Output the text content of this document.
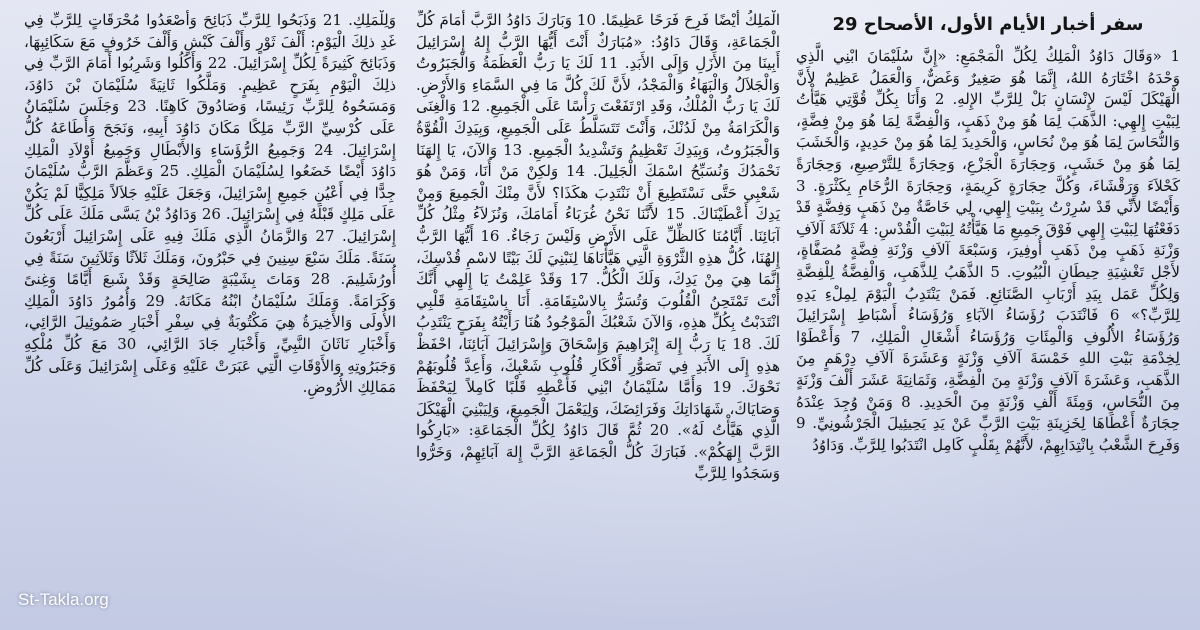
سفر أخبار الأيام الأول، الأصحاح 29
1 «وَقَالَ دَاوُدُ الْمَلِكُ لِكُلِّ الْمَجْمَعِ: «إِنَّ سُلَيْمَانَ ابْنِي الَّذِي وَحْدَهُ اخْتَارَهُ اللهُ، إِنَّمَا هُوَ صَغِيرٌ وَغَضٌّ، وَالْعَمَلُ عَظِيمٌ لأَنَّ الْهَيْكَلَ لَيْسَ لإِنْسَانٍ بَلْ لِلرَّبِّ الإِلهِ. 2 وَأَنَا بِكُلِّ قُوَّتِي هَيَّأْتُ لِبَيْتِ إِلهِي: الذَّهَبَ لِمَا هُوَ مِنْ ذَهَبٍ، وَالْفِضَّةَ لِمَا هُوَ مِنْ فِضَّةٍ، وَالنُّحَاسَ لِمَا هُوَ مِنْ نُحَاسٍ، وَالْحَدِيدَ لِمَا هُوَ مِنْ حَدِيدٍ، وَالْخَشَبَ لِمَا هُوَ مِنْ خَشَبٍ، وَحِجَارَةَ الْجَزْعِ، وَحِجَارَةً لِلتَّرْصِيعِ، وَحِجَارَةً كَحْلاَءَ وَرَقْشَاءَ، وَكُلَّ حِجَارَةٍ كَرِيمَةٍ، وَحِجَارَةَ الرُّخَامِ بِكَثْرَةٍ. 3 وَأَيْضًا لأَنِّي قَدْ سُرِرْتُ بِبَيْتِ إِلهِي، لِي خَاصَّةٌ مِنْ ذَهَبٍ وَفِضَّةٍ قَدْ دَفَعْتُهَا لِبَيْتِ إِلهِي فَوْقَ جَمِيعِ مَا هَيَّأْتُهُ لِبَيْتِ الْقُدْسِ: 4 ثَلاَثَةَ آلاَفِ وَزْنَةِ ذَهَبٍ مِنْ ذَهَبِ أُوفِيرَ، وَسَبْعَةَ آلاَفِ وَزْنَةِ فِضَّةٍ مُصَفَّاةٍ، لأَجْلِ تَغْشِيَةِ حِيطَانِ الْبُيُوتِ. 5 الذَّهَبُ لِلذَّهَبِ، وَالْفِضَّةُ لِلْفِضَّةِ وَلِكُلِّ عَمَل بِيَدِ أَرْبَابِ الصَّنَائِعِ. فَمَنْ يَنْتَدِبُ الْيَوْمَ لِمِلْءِ يَدِهِ لِلرَّبِّ؟» 6 فَانْتَدَبَ رُؤَسَاءُ الآبَاءِ وَرُؤَسَاءُ أَسْبَاطِ إِسْرَائِيلَ وَرُؤَسَاءُ الأُلُوفِ وَالْمِئَاتِ وَرُؤَسَاءُ أَشْغَالِ الْمَلِكِ، 7 وَأَعْطَوْا لِخِدْمَةِ بَيْتِ اللهِ خَمْسَةَ آلاَفِ وَزْنَةٍ وَعَشَرَةَ آلاَفِ دِرْهَمٍ مِنَ الذَّهَبِ، وَعَشَرَةَ آلاَفِ وَزْنَةٍ مِنَ الْفِضَّةِ، وَثَمَانِيَةَ عَشَرَ أَلْفَ وَزْنَةٍ مِنَ النُّحَاسِ، وَمِئَةَ أَلْفِ وَزْنَةٍ مِنَ الْحَدِيدِ. 8 وَمَنْ وُجِدَ عِنْدَهُ حِجَارَةٌ أَعْطَاهَا لِخَزِينَةِ بَيْتِ الرَّبِّ عَنْ يَدِ يَحِيئِيلَ الْجَرْشُونِيِّ. 9 وَفَرِحَ الشَّعْبُ بِانْتِدَابِهِمْ، لأَنَّهُمْ بِقَلْبٍ كَامِل انْتَدَبُوا لِلرَّبِّ. وَدَاوُدُ
الْمَلِكُ أَيْضًا فَرِحَ فَرَحًا عَظِيمًا. 10 وَبَارَكَ دَاوُدُ الرَّبَّ أَمَامَ كُلِّ الْجَمَاعَةِ، وَقَالَ دَاوُدُ: «مُبَارَكٌ أَنْتَ أَيُّهَا الرَّبُّ إِلهُ إِسْرَائِيلَ أَبِينَا مِنَ الأَزَلِ وَإِلَى الأَبَدِ. 11 لَكَ يَا رَبُّ الْعَظَمَةُ وَالْجَبَرُوتُ وَالْجَلاَلُ وَالْبَهَاءُ وَالْمَجْدُ، لأَنَّ لَكَ كُلَّ مَا فِي السَّمَاءِ وَالأَرْضِ. لَكَ يَا رَبُّ الْمُلْكُ، وَقَدِ ارْتَفَعْتَ رَأْسًا عَلَى الْجَمِيعِ. 12 وَالْغِنَى وَالْكَرَامَةُ مِنْ لَدُنْكَ، وَأَنْتَ تَتَسَلَّطُ عَلَى الْجَمِيعِ، وَبِيَدِكَ الْقُوَّةُ وَالْجَبَرُوتُ، وَبِيَدِكَ تَعْظِيمُ وَتَشْدِيدُ الْجَمِيعِ. 13 وَالآنَ، يَا إِلهَنَا نَحْمَدُكَ وَنُسَبِّحُ اسْمَكَ الْجَلِيلَ. 14 وَلكِنْ مَنْ أَنَا، وَمَنْ هُوَ شَعْبِي حَتَّى نَسْتَطِيعَ أَنْ نَنْتَدِبَ هكَذَا؟ لأَنَّ مِنْكَ الْجَمِيعَ وَمِنْ يَدِكَ أَعْطَيْنَاكَ. 15 لأَنَّنَا نَحْنُ غُرَبَاءُ أَمَامَكَ، وَنُزَلاَءُ مِثْلُ كُلِّ آبَائِنَا. أَيَّامُنَا كَالظِّلِّ عَلَى الأَرْضِ وَلَيْسَ رَجَاءٌ. 16 أَيُّهَا الرَّبُّ إِلهُنَا، كُلُّ هذِهِ الثَّرْوَةِ الَّتِي هَيَّأْنَاهَا لِنَبْنِيَ لَكَ بَيْتًا لاسْمِ قُدْسِكَ، إِنَّمَا هِيَ مِنْ يَدِكَ، وَلَكَ الْكُلُّ. 17 وَقَدْ عَلِمْتُ يَا إِلهِي أَنَّكَ أَنْتَ تَمْتَحِنُ الْقُلُوبَ وَتُسَرُّ بِالاسْتِقَامَةِ. أَنَا بِاسْتِقَامَةِ قَلْبِي انْتَدَبْتُ بِكُلِّ هذِهِ، وَالآنَ شَعْبُكَ الْمَوْجُودُ هُنَا رَأَيْتُهُ بِفَرَحٍ يَنْتَدِبُ لَكَ. 18 يَا رَبُّ إِلهَ إِبْرَاهِيمَ وَإِسْحَاقَ وَإِسْرَائِيلَ آبَائِنَا، احْفَظْ هذِهِ إِلَى الأَبَدِ فِي تَصَوُّرِ أَفْكَارِ قُلُوبِ شَعْبِكَ، وَأَعِدَّ قُلُوبَهُمْ نَحْوَكَ. 19 وَأَمَّا سُلَيْمَانُ ابْنِي فَأَعْطِهِ قَلْبًا كَامِلاً لِيَحْفَظَ وَصَايَاكَ، شَهَادَاتِكَ وَفَرَائِضَكَ، وَلِيَعْمَلَ الْجَمِيعَ، وَلِيَبْنِيَ الْهَيْكَلَ الَّذِي هَيَّأْتُ لَهُ». 20 ثُمَّ قَالَ دَاوُدُ لِكُلِّ الْجَمَاعَةِ: «بَارِكُوا الرَّبَّ إِلهَكُمْ». فَبَارَكَ كُلُّ الْجَمَاعَةِ الرَّبَّ إِلهَ آبَائِهِمْ، وَخَرُّوا وَسَجَدُوا لِلرَّبِّ
وَلِلْمَلِكِ. 21 وَذَبَحُوا لِلرَّبِّ ذَبَائِحَ وَأَصْعَدُوا مُحْرَقَاتٍ لِلرَّبِّ فِي غَدِ ذلِكَ الْيَوْمِ: أَلْفَ ثَوْرٍ وَأَلْفَ كَبْشٍ وَأَلْفَ خَرُوفٍ مَعَ سَكَائِبِهَا، وَذَبَائِحَ كَثِيرَةً لِكُلِّ إِسْرَائِيلَ. 22 وَأَكَلُوا وَشَرِبُوا أَمَامَ الرَّبِّ فِي ذلِكَ الْيَوْمِ بِفَرَحٍ عَظِيمٍ. وَمَلَّكُوا ثَانِيَةً سُلَيْمَانَ بْنَ دَاوُدَ، وَمَسَحُوهُ لِلرَّبِّ رَئِيسًا، وَصَادُوقَ كَاهِنًا. 23 وَجَلَسَ سُلَيْمَانُ عَلَى كُرْسِيِّ الرَّبِّ مَلِكًا مَكَانَ دَاوُدَ أَبِيهِ، وَنَجَحَ وَأَطَاعَهُ كُلُّ إِسْرَائِيلَ. 24 وَجَمِيعُ الرُّؤَسَاءِ وَالأَبْطَالِ وَجَمِيعُ أَوْلاَدِ الْمَلِكِ دَاوُدَ أَيْضًا خَضَعُوا لِسُلَيْمَانَ الْمَلِكِ. 25 وَعَظَّمَ الرَّبُّ سُلَيْمَانَ جِدًّا فِي أَعْيُنِ جَمِيعِ إِسْرَائِيلَ، وَجَعَلَ عَلَيْهِ جَلاَلاً مَلِكِيًّا لَمْ يَكُنْ عَلَى مَلِكٍ قَبْلَهُ فِي إِسْرَائِيلَ. 26 وَدَاوُدُ بْنُ يَسَّى مَلَكَ عَلَى كُلِّ إِسْرَائِيلَ. 27 وَالزَّمَانُ الَّذِي مَلَكَ فِيهِ عَلَى إِسْرَائِيلَ أَرْبَعُونَ سَنَةً. مَلَكَ سَبْعَ سِنِينَ فِي حَبْرُونَ، وَمَلَكَ ثَلاَثًا وَثَلاَثِينَ سَنَةً فِي أُورُشَلِيمَ. 28 وَمَاتَ بِشَيْبَةٍ صَالِحَةٍ وَقَدْ شَبعَ أَيَّامًا وَغِنىً وَكَرَامَةً. وَمَلَكَ سُلَيْمَانُ ابْنُهُ مَكَانَهُ. 29 وَأُمُورُ دَاوُدَ الْمَلِكِ الأُولَى وَالأَخِيرَةُ هِيَ مَكْتُوبَةٌ فِي سِفْرِ أَخْبَارِ صَمُوئِيلَ الرَّائِي، وَأَخْبَارِ نَاثَانَ النَّبِيِّ، وَأَخْبَارِ جَادَ الرَّائِي، 30 مَعَ كُلِّ مُلْكِهِ وَجَبَرُوتِهِ وَالأَوْقَاتِ الَّتِي عَبَرَتْ عَلَيْهِ وَعَلَى إِسْرَائِيلَ وَعَلَى كُلِّ مَمَالِكِ الأُرُوضِ.
St-Takla.org
